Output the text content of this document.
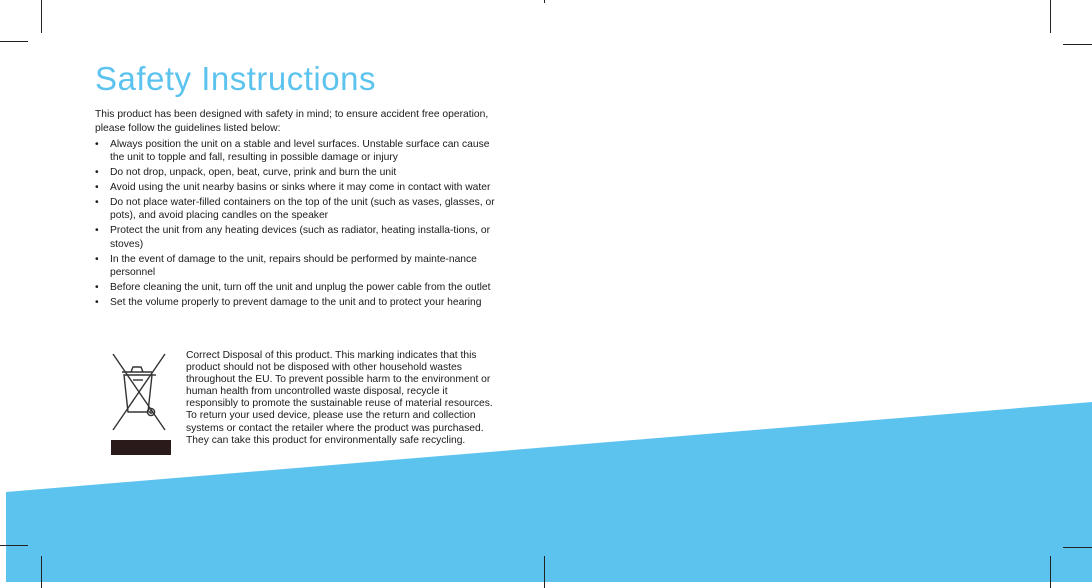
Safety Instructions

This product has been designed with safety in mind; to ensure accident free operation, please follow the guidelines listed below:

• Always position the unit on a stable and level surfaces. Unstable surface can cause the unit to topple and fall, resulting in possible damage or injury
• Do not drop, unpack, open, beat, curve, prink and burn the unit
• Avoid using the unit nearby basins or sinks where it may come in contact with water
• Do not place water-filled containers on the top of the unit (such as vases, glasses, or pots), and avoid placing candles on the speaker
• Protect the unit from any heating devices (such as radiator, heating installa-tions, or stoves)
• In the event of damage to the unit, repairs should be performed by mainte-nance personnel
• Before cleaning the unit, turn off the unit and unplug the power cable from the outlet
• Set the volume properly to prevent damage to the unit and to protect your hearing

Correct Disposal of this product. This marking indicates that this product should not be disposed with other household wastes throughout the EU. To prevent possible harm to the environment or human health from uncontrolled waste disposal, recycle it responsibly to promote the sustainable reuse of material resources. To return your used device, please use the return and collection systems or contact the retailer where the product was purchased. They can take this product for environmentally safe recycling.
